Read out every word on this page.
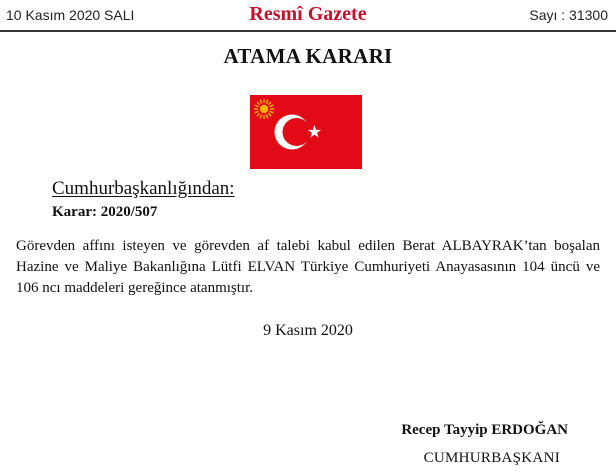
10 Kasım 2020 SALI	Resmî Gazete	Sayı : 31300
ATAMA KARARI
Cumhurbaşkanlığından:
Karar: 2020/507
Görevden affını isteyen ve görevden af talebi kabul edilen Berat ALBAYRAK’tan boşalan
Hazine ve Maliye Bakanlığına Lütfi ELVAN Türkiye Cumhuriyeti Anayasasının 104 üncü ve
106 ncı maddeleri gereğince atanmıştır.
9 Kasım 2020
Recep Tayyip ERDOĞAN
CUMHURBAŞKANI
